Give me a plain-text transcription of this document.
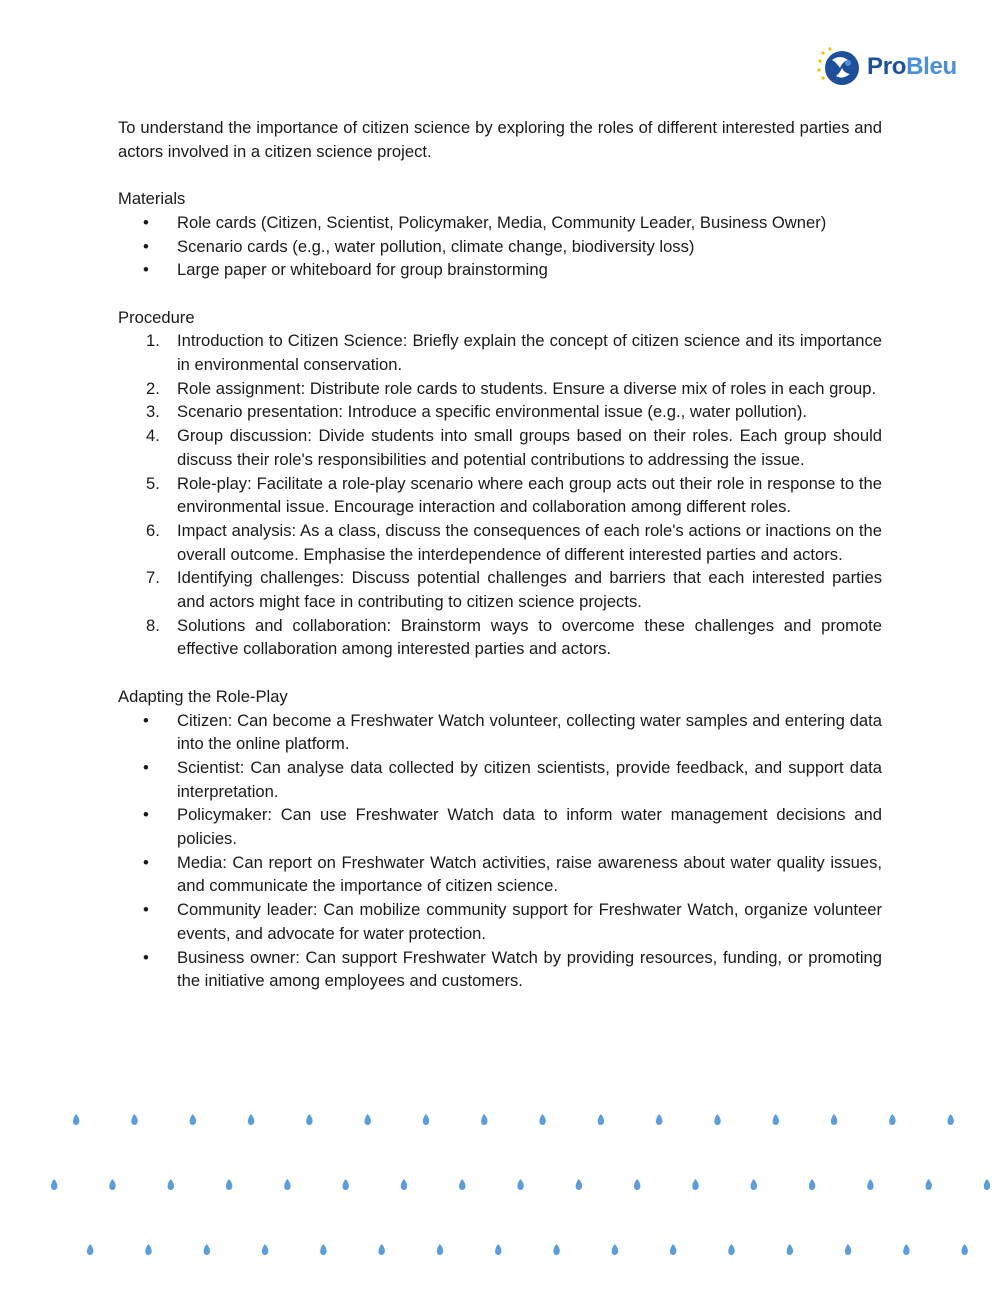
ProBleu

To understand the importance of citizen science by exploring the roles of different interested parties and actors involved in a citizen science project.

Materials

• Role cards (Citizen, Scientist, Policymaker, Media, Community Leader, Business Owner)
• Scenario cards (e.g., water pollution, climate change, biodiversity loss)
• Large paper or whiteboard for group brainstorming

Procedure

1. Introduction to Citizen Science: Briefly explain the concept of citizen science and its importance in environmental conservation.
2. Role assignment: Distribute role cards to students. Ensure a diverse mix of roles in each group.
3. Scenario presentation: Introduce a specific environmental issue (e.g., water pollution).
4. Group discussion: Divide students into small groups based on their roles. Each group should discuss their role's responsibilities and potential contributions to addressing the issue.
5. Role-play: Facilitate a role-play scenario where each group acts out their role in response to the environmental issue. Encourage interaction and collaboration among different roles.
6. Impact analysis: As a class, discuss the consequences of each role's actions or inactions on the overall outcome. Emphasise the interdependence of different interested parties and actors.
7. Identifying challenges: Discuss potential challenges and barriers that each interested parties and actors might face in contributing to citizen science projects.
8. Solutions and collaboration: Brainstorm ways to overcome these challenges and promote effective collaboration among interested parties and actors.

Adapting the Role-Play

• Citizen: Can become a Freshwater Watch volunteer, collecting water samples and entering data into the online platform.
• Scientist: Can analyse data collected by citizen scientists, provide feedback, and support data interpretation.
• Policymaker: Can use Freshwater Watch data to inform water management decisions and policies.
• Media: Can report on Freshwater Watch activities, raise awareness about water quality issues, and communicate the importance of citizen science.
• Community leader: Can mobilize community support for Freshwater Watch, organize volunteer events, and advocate for water protection.
• Business owner: Can support Freshwater Watch by providing resources, funding, or promoting the initiative among employees and customers.
